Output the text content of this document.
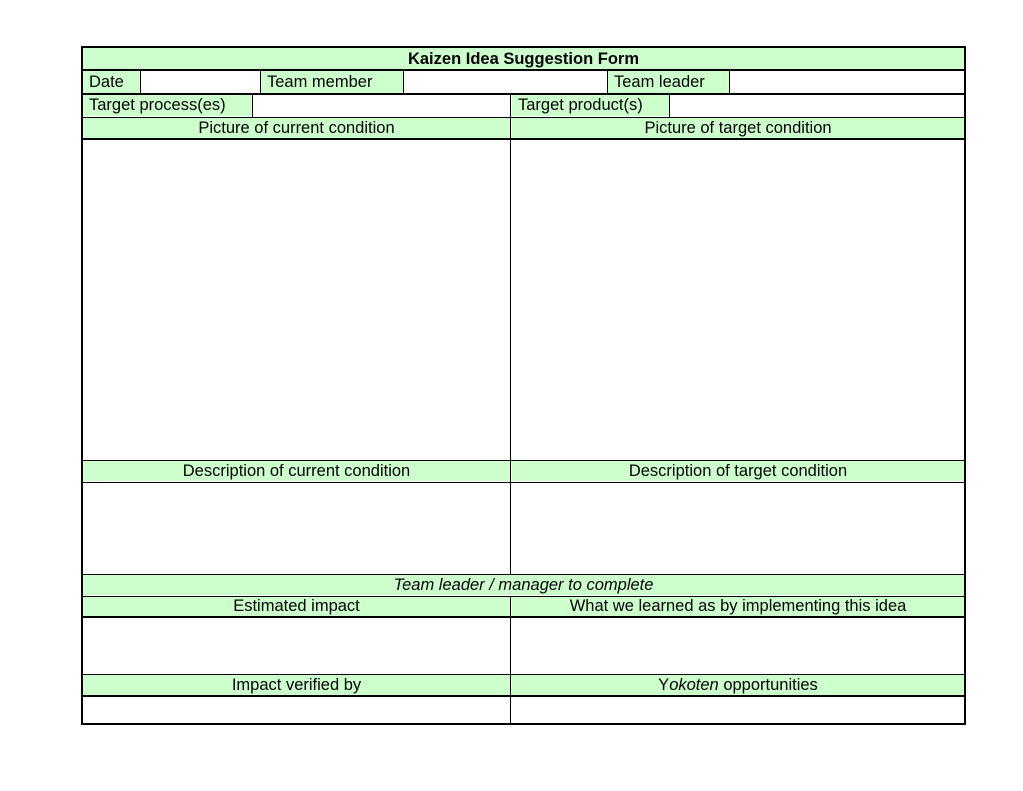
Kaizen Idea Suggestion Form
Date	Team member	Team leader
Target process(es)	Target product(s)
Picture of current condition	Picture of target condition
Description of current condition	Description of target condition
Team leader / manager to complete
Estimated impact	What we learned as by implementing this idea
Impact verified by	Y okoten opportunities
